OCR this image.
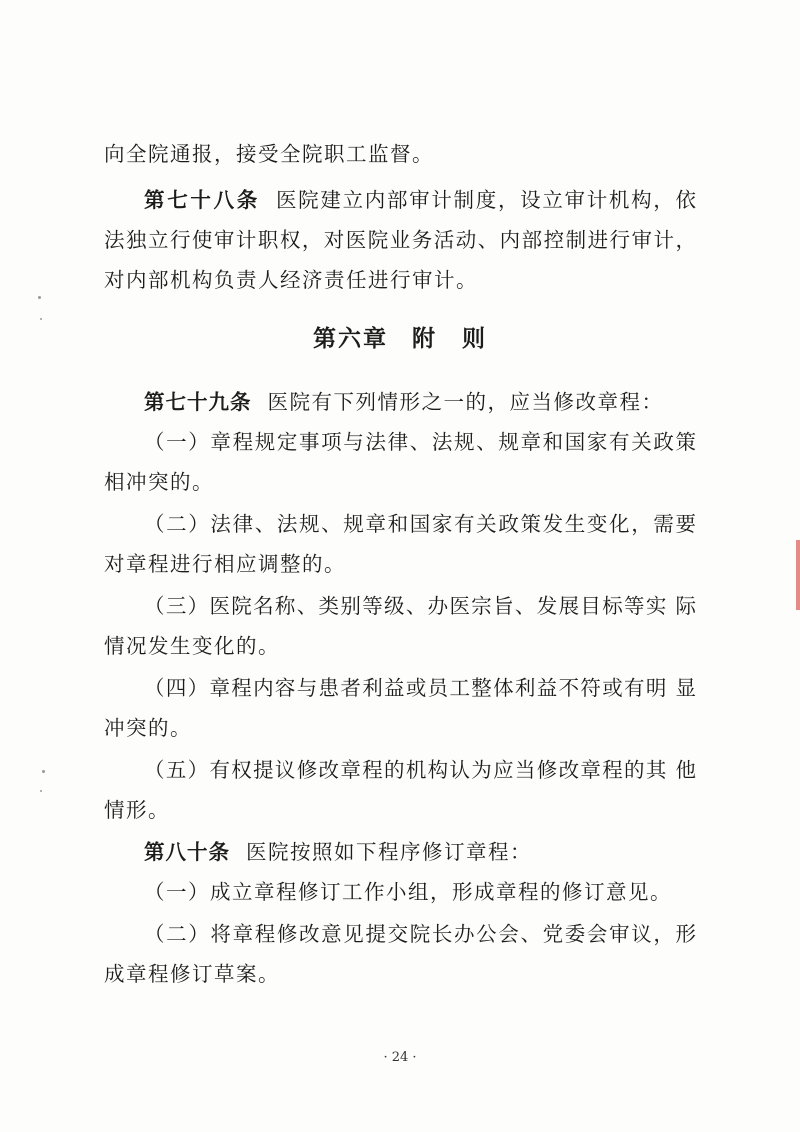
向全院通报，接受全院职工监督。
第七十八条 医院建立内部审计制度，设立审计机构，依
法独立行使审计职权，对医院业务活动、内部控制进行审计，
对内部机构负责人经济责任进行审计。
第六章 附　则
第七十九条 医院有下列情形之一的，应当修改章程：
（一）章程规定事项与法律、法规、规章和国家有关政策
相冲突的。
（二）法律、法规、规章和国家有关政策发生变化，需要
对章程进行相应调整的。
（三）医院名称、类别等级、办医宗旨、发展目标等实 际
情况发生变化的。
（四）章程内容与患者利益或员工整体利益不符或有明 显
冲突的。
（五）有权提议修改章程的机构认为应当修改章程的其 他
情形。
第八十条 医院按照如下程序修订章程：
（一）成立章程修订工作小组，形成章程的修订意见。
（二）将章程修改意见提交院长办公会、党委会审议，形
成章程修订草案。
· 24 ·
